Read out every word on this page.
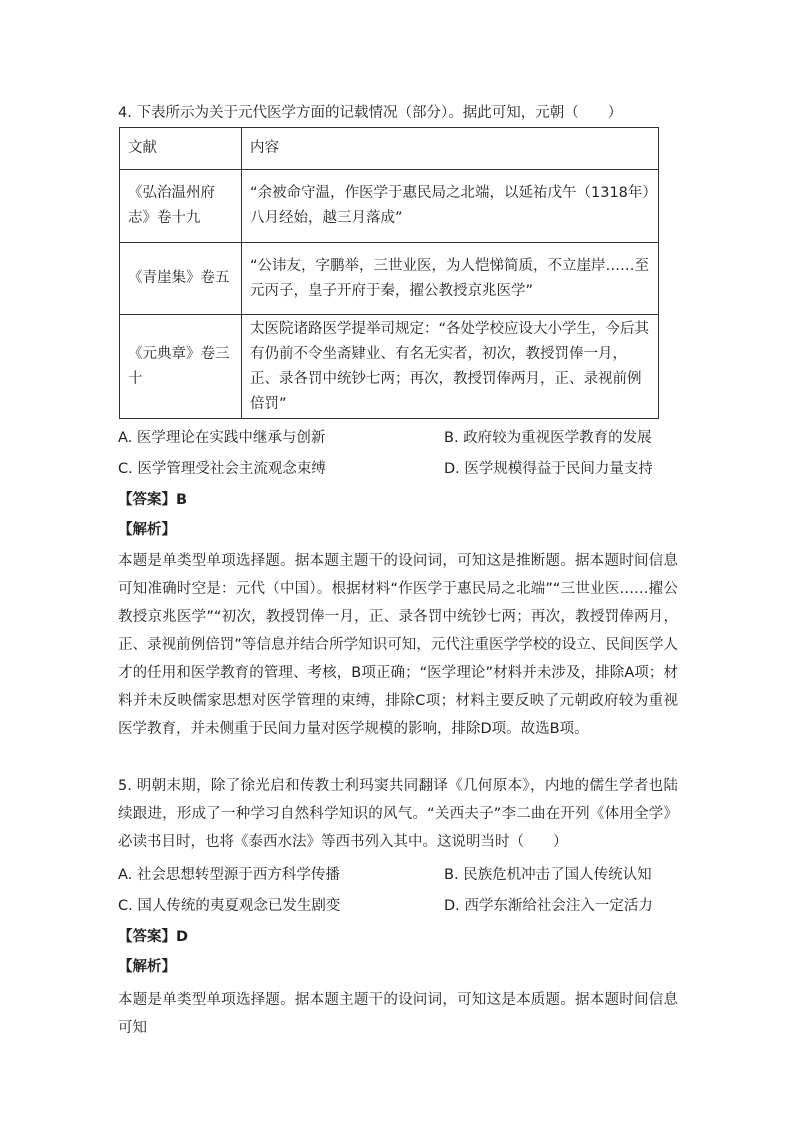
4. 下表所示为关于元代医学方面的记载情况（部分）。据此可知，元朝（　　）
文献	内容
《弘治温州府志》卷十九	“余被命守温，作医学于惠民局之北端，以延祐戊午（1318年）八月经始，越三月落成”
《青崖集》卷五	“公讳友，字鹏举，三世业医，为人恺悌简质，不立崖岸……至元丙子，皇子开府于秦，擢公教授京兆医学”
《元典章》卷三十	太医院诸路医学提举司规定：“各处学校应设大小学生，今后其有仍前不令坐斋肄业、有名无实者，初次，教授罚俸一月，正、录各罚中统钞七两；再次，教授罚俸两月，正、录视前例倍罚”
A. 医学理论在实践中继承与创新	B. 政府较为重视医学教育的发展
C. 医学管理受社会主流观念束缚	D. 医学规模得益于民间力量支持
【答案】B
【解析】
本题是单类型单项选择题。据本题主题干的设问词，可知这是推断题。据本题时间信息可知准确时空是：元代（中国）。根据材料“作医学于惠民局之北端”“三世业医……擢公教授京兆医学”“初次，教授罚俸一月，正、录各罚中统钞七两；再次，教授罚俸两月，正、录视前例倍罚”等信息并结合所学知识可知，元代注重医学学校的设立、民间医学人才的任用和医学教育的管理、考核，B项正确；“医学理论”材料并未涉及，排除A项；材料并未反映儒家思想对医学管理的束缚，排除C项；材料主要反映了元朝政府较为重视医学教育，并未侧重于民间力量对医学规模的影响，排除D项。故选B项。
5. 明朝末期，除了徐光启和传教士利玛窦共同翻译《几何原本》，内地的儒生学者也陆续跟进，形成了一种学习自然科学知识的风气。“关西夫子”李二曲在开列《体用全学》必读书目时，也将《泰西水法》等西书列入其中。这说明当时（　　）
A. 社会思想转型源于西方科学传播	B. 民族危机冲击了国人传统认知
C. 国人传统的夷夏观念已发生剧变	D. 西学东渐给社会注入一定活力
【答案】D
【解析】
本题是单类型单项选择题。据本题主题干的设问词，可知这是本质题。据本题时间信息可知
